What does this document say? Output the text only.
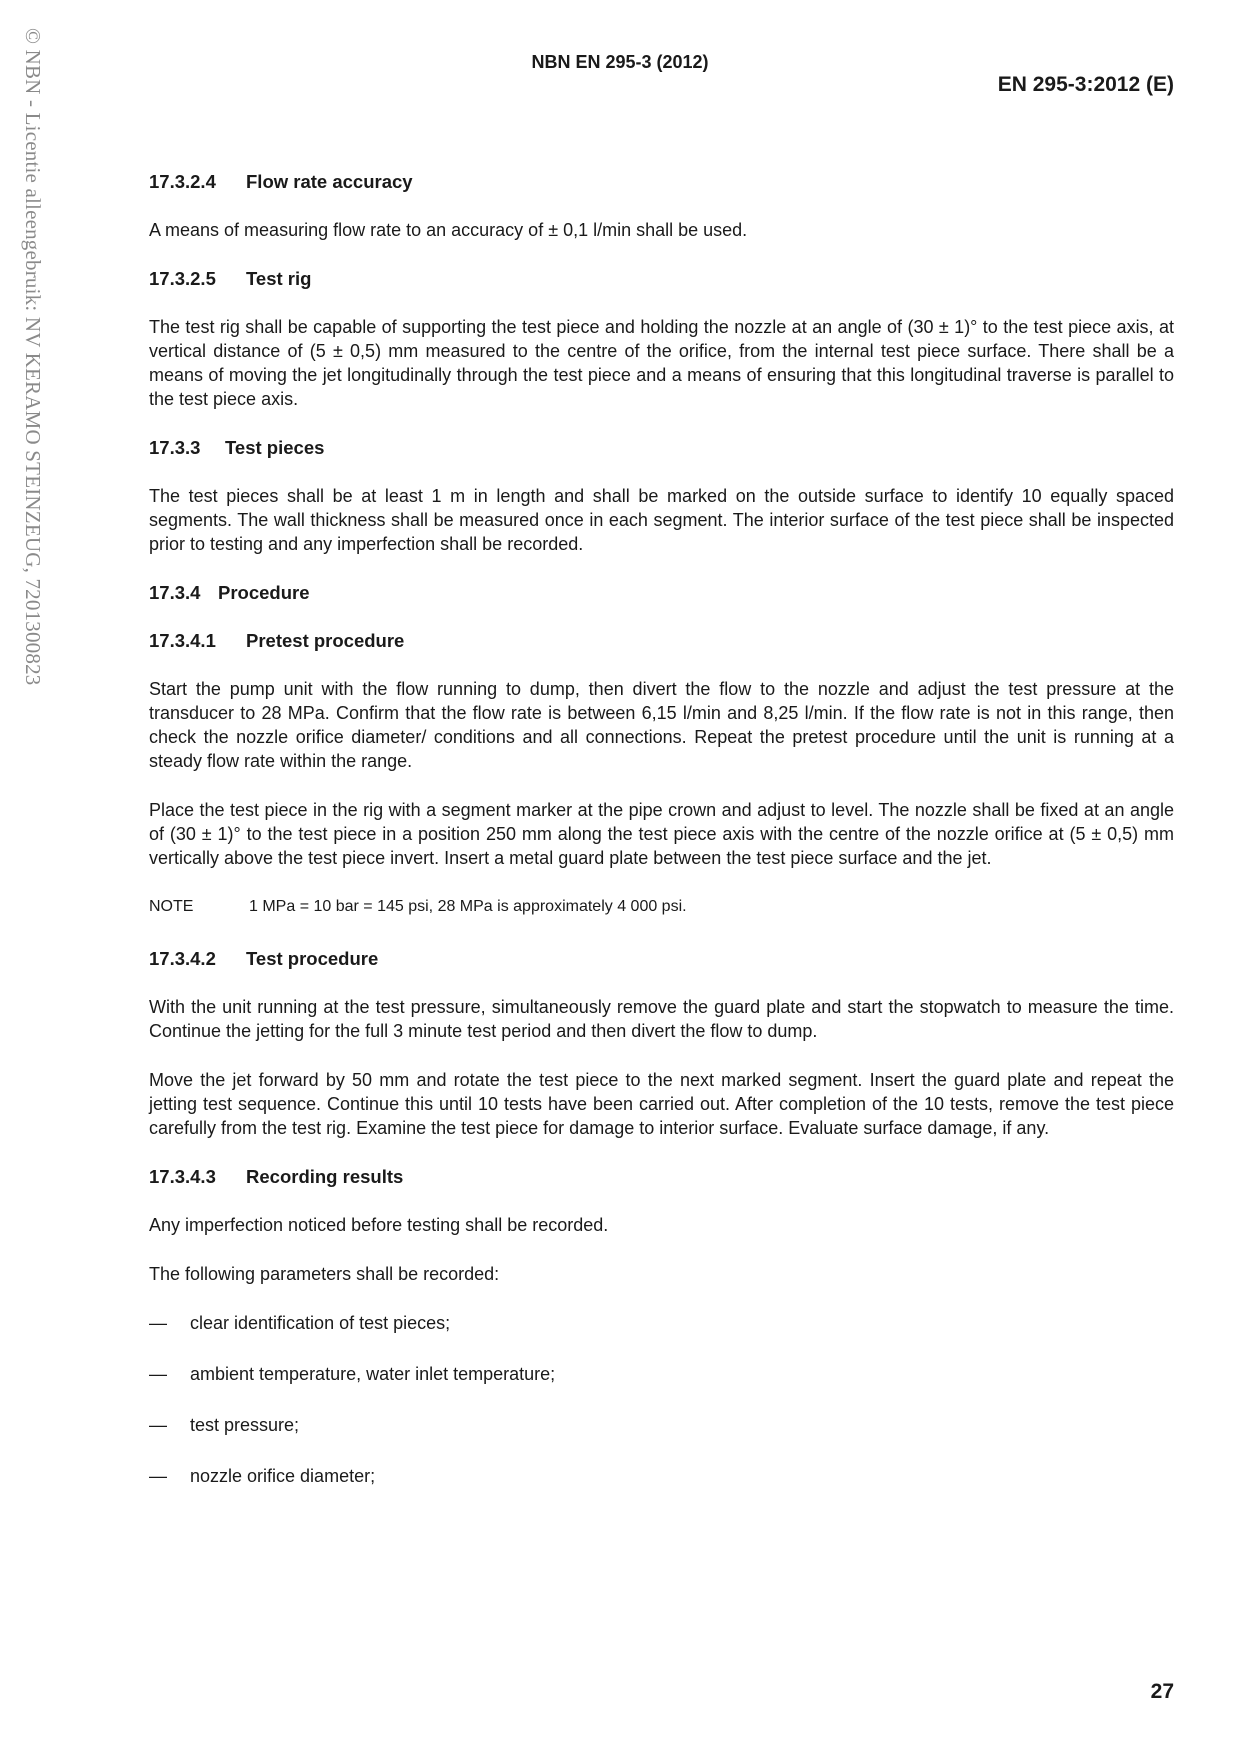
© NBN - Licentie alleengebruik: NV KERAMO STEINZEUG, 7201300823	NBN EN 295-3 (2012)
EN 295-3:2012 (E)
17.3.2.4 Flow rate accuracy

A means of measuring flow rate to an accuracy of ± 0,1 l/min shall be used.

17.3.2.5 Test rig

The test rig shall be capable of supporting the test piece and holding the nozzle at an angle of (30 ± 1)° to the test piece axis, at vertical distance of (5 ± 0,5) mm measured to the centre of the orifice, from the internal test piece surface. There shall be a means of moving the jet longitudinally through the test piece and a means of ensuring that this longitudinal traverse is parallel to the test piece axis.

17.3.3 Test pieces

The test pieces shall be at least 1 m in length and shall be marked on the outside surface to identify 10 equally spaced segments. The wall thickness shall be measured once in each segment. The interior surface of the test piece shall be inspected prior to testing and any imperfection shall be recorded.

17.3.4 Procedure
17.3.4.1 Pretest procedure

Start the pump unit with the flow running to dump, then divert the flow to the nozzle and adjust the test pressure at the transducer to 28 MPa. Confirm that the flow rate is between 6,15 l/min and 8,25 l/min. If the flow rate is not in this range, then check the nozzle orifice diameter/ conditions and all connections. Repeat the pretest procedure until the unit is running at a steady flow rate within the range.

Place the test piece in the rig with a segment marker at the pipe crown and adjust to level. The nozzle shall be fixed at an angle of (30 ± 1)° to the test piece in a position 250 mm along the test piece axis with the centre of the nozzle orifice at (5 ± 0,5) mm vertically above the test piece invert. Insert a metal guard plate between the test piece surface and the jet.

NOTE	1 MPa = 10 bar = 145 psi, 28 MPa is approximately 4 000 psi.
17.3.4.2 Test procedure

With the unit running at the test pressure, simultaneously remove the guard plate and start the stopwatch to measure the time. Continue the jetting for the full 3 minute test period and then divert the flow to dump.

Move the jet forward by 50 mm and rotate the test piece to the next marked segment. Insert the guard plate and repeat the jetting test sequence. Continue this until 10 tests have been carried out. After completion of the 10 tests, remove the test piece carefully from the test rig. Examine the test piece for damage to interior surface. Evaluate surface damage, if any.

17.3.4.3 Recording results

Any imperfection noticed before testing shall be recorded.

The following parameters shall be recorded:

—	clear identification of test pieces;
—	ambient temperature, water inlet temperature;
—	test pressure;
—	nozzle orifice diameter;
27
